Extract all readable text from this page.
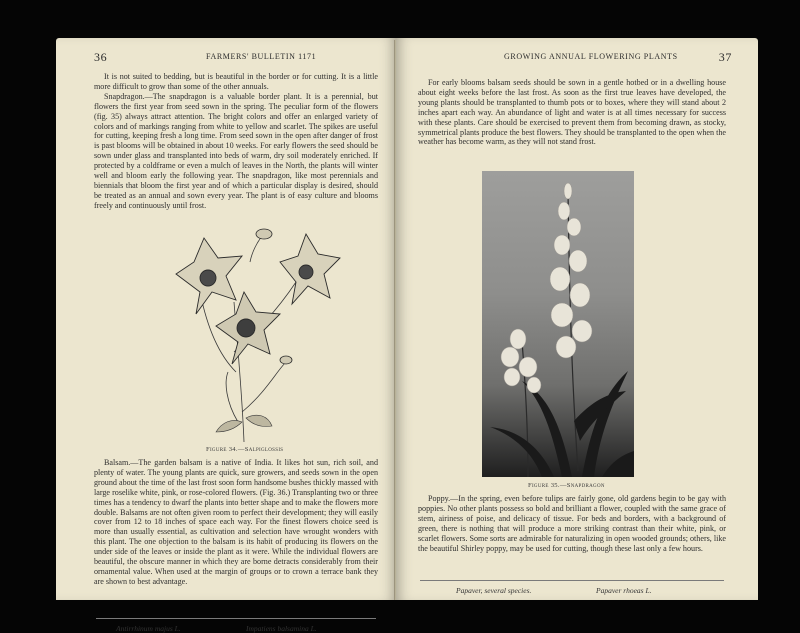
36	FARMERS' BULLETIN 1171

It is not suited to bedding, but is beautiful in the border or for cutting. It is a little more difficult to grow than some of the other annuals.

Snapdragon.—The snapdragon is a valuable border plant. It is a perennial, but flowers the first year from seed sown in the spring. The peculiar form of the flowers (fig. 35) always attract attention. The bright colors and offer an enlarged variety of colors and of markings ranging from white to yellow and scarlet. The spikes are useful for cutting, keeping fresh a long time. From seed sown in the open after danger of frost is past blooms will be obtained in about 10 weeks. For early flowers the seed should be sown under glass and transplanted into beds of warm, dry soil moderately enriched. If protected by a coldframe or even a mulch of leaves in the North, the plants will winter well and bloom early the following year. The snapdragon, like most perennials and biennials that bloom the first year and of which a particular display is desired, should be treated as an annual and sown every year. The plant is of easy culture and blooms freely and continuously until frost.

Figure 34.—Salpiglossis

Balsam.—The garden balsam is a native of India. It likes hot sun, rich soil, and plenty of water. The young plants are quick, sure growers, and seeds sown in the open ground about the time of the last frost soon form handsome bushes thickly massed with large roselike white, pink, or rose-colored flowers. (Fig. 36.) Transplanting two or three times has a tendency to dwarf the plants into better shape and to make the flowers more double. Balsams are not often given room to perfect their development; they will easily cover from 12 to 18 inches of space each way. For the finest flowers choice seed is more than usually essential, as cultivation and selection have wrought wonders with this plant. The one objection to the balsam is its habit of producing its flowers on the under side of the leaves or inside the plant as it were. While the individual flowers are beautiful, the obscure manner in which they are borne detracts considerably from their ornamental value. When used at the margin of groups or to crown a terrace bank they are shown to best advantage.

Antirrhinum majus L.	Impatiens balsamina L.
GROWING ANNUAL FLOWERING PLANTS	37

For early blooms balsam seeds should be sown in a gentle hotbed or in a dwelling house about eight weeks before the last frost. As soon as the first true leaves have developed, the young plants should be transplanted to thumb pots or to boxes, where they will stand about 2 inches apart each way. An abundance of light and water is at all times necessary for success with these plants. Care should be exercised to prevent them from becoming drawn, as stocky, symmetrical plants produce the best flowers. They should be transplanted to the open when the weather has become warm, as they will not stand frost.

Figure 35.—Snapdragon

Poppy.—In the spring, even before tulips are fairly gone, old gardens begin to be gay with poppies. No other plants possess so bold and brilliant a flower, coupled with the same grace of stem, airiness of poise, and delicacy of tissue. For beds and borders, with a background of green, there is nothing that will produce a more striking contrast than their white, pink, or scarlet flowers. Some sorts are admirable for naturalizing in open wooded grounds; others, like the beautiful Shirley poppy, may be used for cutting, though these last only a few hours.

Papaver, several species.	Papaver rhoeas L.
